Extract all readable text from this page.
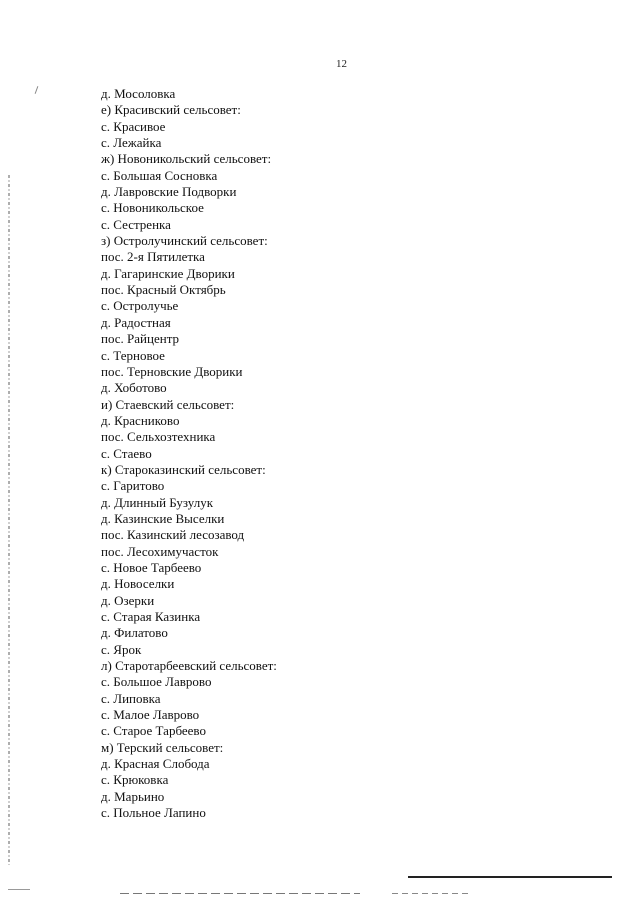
12
д. Мосоловка
е) Красивский сельсовет:
с. Красивое
с. Лежайка
ж) Новоникольский сельсовет:
с. Большая Сосновка
д. Лавровские Подворки
с. Новоникольское
с. Сестренка
з) Остролучинский сельсовет:
пос. 2-я Пятилетка
д. Гагаринские Дворики
пос. Красный Октябрь
с. Остролучье
д. Радостная
пос. Райцентр
с. Терновое
пос. Терновские Дворики
д. Хоботово
и) Стаевский сельсовет:
д. Красниково
пос. Сельхозтехника
с. Стаево
к) Староказинский сельсовет:
с. Гаритово
д. Длинный Бузулук
д. Казинские Выселки
пос. Казинский лесозавод
пос. Лесохимучасток
с. Новое Тарбеево
д. Новоселки
д. Озерки
с. Старая Казинка
д. Филатово
с. Ярок
л) Старотарбеевский сельсовет:
с. Большое Лаврово
с. Липовка
с. Малое Лаврово
с. Старое Тарбеево
м) Терский сельсовет:
д. Красная Слобода
с. Крюковка
д. Марьино
с. Польное Лапино
